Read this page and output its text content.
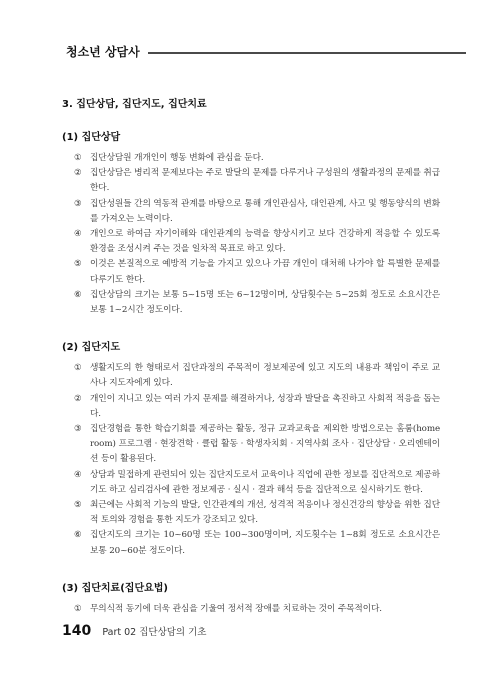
청소년 상담사
3. 집단상담, 집단지도, 집단치료
(1) 집단상담
① 집단상담원 개개인이 행동 변화에 관심을 둔다.
② 집단상담은 병리적 문제보다는 주로 발달의 문제를 다루거나 구성원의 생활과정의 문제를 취급한다.
③ 집단성원들 간의 역동적 관계를 바탕으로 통해 개인관심사, 대인관계, 사고 및 행동양식의 변화를 가져오는 노력이다.
④ 개인으로 하여금 자기이해와 대인관계의 능력을 향상시키고 보다 건강하게 적응할 수 있도록 환경을 조성시켜 주는 것을 일차적 목표로 하고 있다.
⑤ 이것은 본질적으로 예방적 기능을 가지고 있으나 가끔 개인이 대처해 나가야 할 특별한 문제를 다루기도 한다.
⑥ 집단상담의 크기는 보통 5~15명 또는 6~12명이며, 상담횟수는 5~25회 정도로 소요시간은 보통 1~2시간 정도이다.
(2) 집단지도
① 생활지도의 한 형태로서 집단과정의 주목적이 정보제공에 있고 지도의 내용과 책임이 주로 교사나 지도자에게 있다.
② 개인이 지니고 있는 여러 가지 문제를 해결하거나, 성장과 발달을 촉진하고 사회적 적응을 돕는다.
③ 집단경험을 통한 학습기회를 제공하는 활동, 정규 교과교육을 제외한 방법으로는 홈룸(home room) 프로그램 · 현장견학 · 클럽 활동 · 학생자치회 · 지역사회 조사 · 집단상담 · 오리엔테이션 등이 활용된다.
④ 상담과 밀접하게 관련되어 있는 집단지도로서 교육이나 직업에 관한 정보를 집단적으로 제공하기도 하고 심리검사에 관한 정보제공 · 실시 · 결과 해석 등을 집단적으로 실시하기도 한다.
⑤ 최근에는 사회적 기능의 발달, 인간관계의 개선, 성격적 적응이나 정신건강의 향상을 위한 집단적 토의와 경험을 통한 지도가 강조되고 있다.
⑥ 집단지도의 크기는 10~60명 또는 100~300명이며, 지도횟수는 1~8회 정도로 소요시간은 보통 20~60분 정도이다.
(3) 집단치료(집단요법)
① 무의식적 동기에 더욱 관심을 기울여 정서적 장애를 치료하는 것이 주목적이다.
140 Part 02 집단상담의 기초
